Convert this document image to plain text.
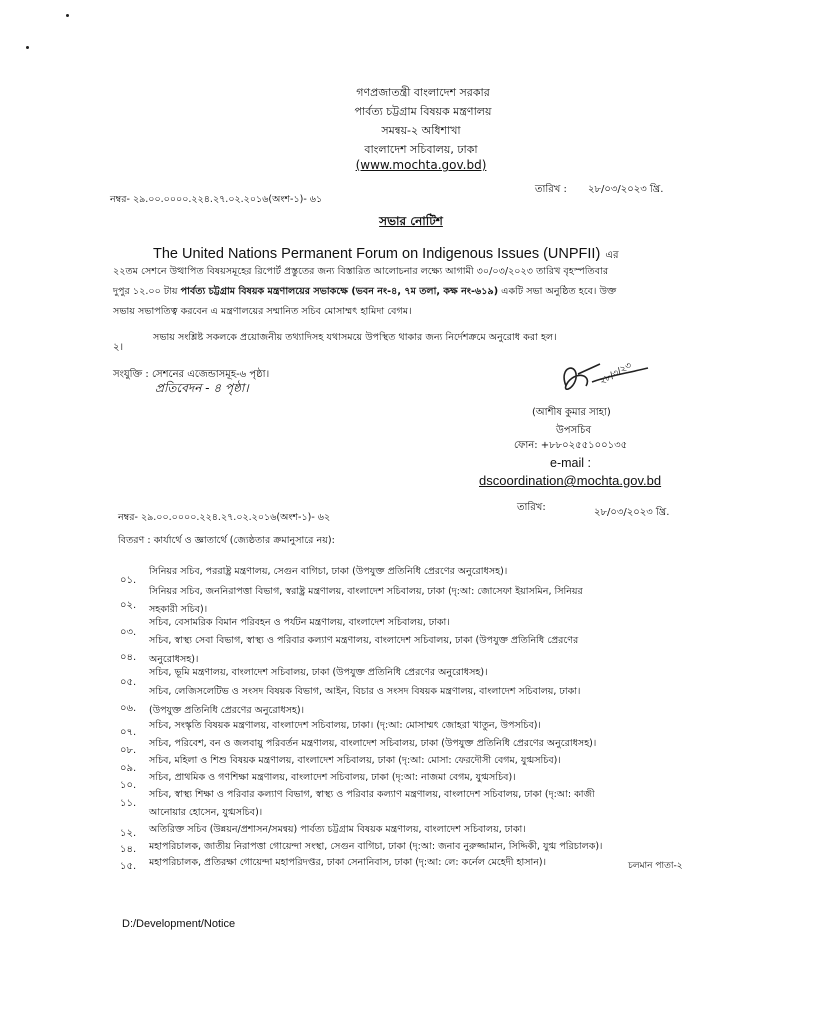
গণপ্রজাতন্ত্রী বাংলাদেশ সরকার
পার্বত্য চট্টগ্রাম বিষয়ক মন্ত্রণালয়
সমন্বয়-২ অধিশাখা
বাংলাদেশ সচিবালয়, ঢাকা
(www.mochta.gov.bd)
তারিখ : ২৮/০৩/২০২৩ খ্রি.
নম্বর- ২৯.০০.০০০০.২২৪.২৭.০২.২০১৬(অংশ-১)- ৬১
সভার নোটিশ
The United Nations Permanent Forum on Indigenous Issues (UNPFII) এর
২২তম সেশনে উত্থাপিত বিষয়সমূহের রিপোর্ট প্রস্তুতের জন্য বিস্তারিত আলোচনার লক্ষ্যে আগামী ৩০/০৩/২০২৩ তারিখ বৃহস্পতিবার
দুপুর ১২.০০ টায় পার্বত্য চট্টগ্রাম বিষয়ক মন্ত্রণালয়ের সভাকক্ষে (ভবন নং-৪, ৭ম তলা, কক্ষ নং-৬১৯) একটি সভা অনুষ্ঠিত হবে। উক্ত
সভায় সভাপতিত্ব করবেন এ মন্ত্রণালয়ের সম্মানিত সচিব মোসাম্মৎ হামিদা বেগম।
২।
সভায় সংশ্লিষ্ট সকলকে প্রয়োজনীয় তথ্যাদিসহ যথাসময়ে উপস্থিত থাকার জন্য নির্দেশক্রমে অনুরোধ করা হল।
সংযুক্তি : সেশনের এজেন্ডাসমূহ-৬ পৃষ্ঠা।
প্রতিবেদন - ৪ পৃষ্ঠা।
২৮/৩/২৩
(আশীষ কুমার সাহা)
উপসচিব
ফোন: +৮৮০২৫৫১০০১৩৫
e-mail :
dscoordination@mochta.gov.bd
তারিখ:	২৮/০৩/২০২৩ খ্রি.
নম্বর- ২৯.০০.০০০০.২২৪.২৭.০২.২০১৬(অংশ-১)- ৬২
বিতরণ : কার্যার্থে ও জ্ঞাতার্থে (জ্যেষ্ঠতার ক্রমানুসারে নয়):
০১.
সিনিয়র সচিব, পররাষ্ট্র মন্ত্রণালয়, সেগুন বাগিচা, ঢাকা (উপযুক্ত প্রতিনিধি প্রেরণের অনুরোধসহ)।
০২.
সিনিয়র সচিব, জননিরাপত্তা বিভাগ, স্বরাষ্ট্র মন্ত্রণালয়, বাংলাদেশ সচিবালয়, ঢাকা (দৃ:আ: জোসেফা ইয়াসমিন, সিনিয়র
সহকারী সচিব)।
০৩.
সচিব, বেসামরিক বিমান পরিবহন ও পর্যটন মন্ত্রণালয়, বাংলাদেশ সচিবালয়, ঢাকা।
০৪.
সচিব, স্বাস্থ্য সেবা বিভাগ, স্বাস্থ্য ও পরিবার কল্যাণ মন্ত্রণালয়, বাংলাদেশ সচিবালয়, ঢাকা (উপযুক্ত প্রতিনিধি প্রেরণের
অনুরোধসহ)।
০৫.
সচিব, ভূমি মন্ত্রণালয়, বাংলাদেশ সচিবালয়, ঢাকা (উপযুক্ত প্রতিনিধি প্রেরণের অনুরোধসহ)।
০৬.
সচিব, লেজিসলেটিভ ও সংসদ বিষয়ক বিভাগ, আইন, বিচার ও সংসদ বিষয়ক মন্ত্রণালয়, বাংলাদেশ সচিবালয়, ঢাকা।
(উপযুক্ত প্রতিনিধি প্রেরণের অনুরোধসহ)।
০৭.
সচিব, সংস্কৃতি বিষয়ক মন্ত্রণালয়, বাংলাদেশ সচিবালয়, ঢাকা। (দৃ:আ: মোসাম্মৎ জোহরা খাতুন, উপসচিব)।
০৮.
সচিব, পরিবেশ, বন ও জলবায়ু পরিবর্তন মন্ত্রণালয়, বাংলাদেশ সচিবালয়, ঢাকা (উপযুক্ত প্রতিনিধি প্রেরণের অনুরোধসহ)।
০৯.
সচিব, মহিলা ও শিশু বিষয়ক মন্ত্রণালয়, বাংলাদেশ সচিবালয়, ঢাকা (দৃ:আ: মোসা: ফেরদৌসী বেগম, যুগ্মসচিব)।
১০.
সচিব, প্রাথমিক ও গণশিক্ষা মন্ত্রণালয়, বাংলাদেশ সচিবালয়, ঢাকা (দৃ:আ: নাজমা বেগম, যুগ্মসচিব)।
১১.
সচিব, স্বাস্থ্য শিক্ষা ও পরিবার কল্যাণ বিভাগ, স্বাস্থ্য ও পরিবার কল্যাণ মন্ত্রণালয়, বাংলাদেশ সচিবালয়, ঢাকা (দৃ:আ: কাজী
আনোয়ার হোসেন, যুগ্মসচিব)।
১২. অতিরিক্ত সচিব (উন্নয়ন/প্রশাসন/সমন্বয়) পার্বত্য চট্টগ্রাম বিষয়ক মন্ত্রণালয়, বাংলাদেশ সচিবালয়, ঢাকা।
১৪. মহাপরিচালক, জাতীয় নিরাপত্তা গোয়েন্দা সংস্থা, সেগুন বাগিচা, ঢাকা (দৃ:আ: জনাব নুরুজ্জামান, সিদ্দিকী, যুগ্ম পরিচালক)।
১৫. মহাপরিচালক, প্রতিরক্ষা গোয়েন্দা মহাপরিদপ্তর, ঢাকা সেনানিবাস, ঢাকা (দৃ:আ: লে: কর্নেল মেহেদী হাসান)।	চলমান পাতা-২
D:/Development/Notice
